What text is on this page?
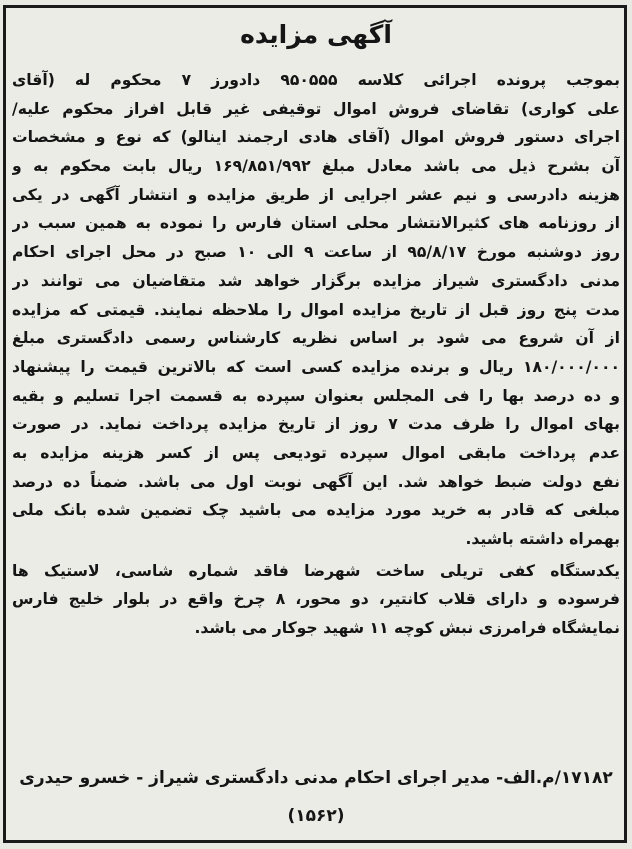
آگهی مزایده
بموجب پرونده اجرائی کلاسه ۹۵۰۵۵۵ دادورز ۷ محکوم له (آقای
علی کواری) تقاضای فروش اموال توقیفی غیر قابل افراز محکوم علیه/
اجرای دستور فروش اموال (آقای هادی ارجمند اینالو) که نوع و مشخصات
آن بشرح ذیل می باشد معادل مبلغ ۱۶۹/۸۵۱/۹۹۲ ریال بابت محکوم به و
هزینه دادرسی و نیم عشر اجرایی از طریق مزایده و انتشار آگهی در یکی
از روزنامه های کثیرالانتشار محلی استان فارس را نموده به همین سبب در
روز دوشنبه مورخ ۹۵/۸/۱۷ از ساعت ۹ الی ۱۰ صبح در محل اجرای احکام
مدنی دادگستری شیراز مزایده برگزار خواهد شد متقاضیان می توانند در
مدت پنج روز قبل از تاریخ مزایده اموال را ملاحظه نمایند. قیمتی که مزایده
از آن شروع می شود بر اساس نظریه کارشناس رسمی دادگستری مبلغ
۱۸۰/۰۰۰/۰۰۰ ریال و برنده مزایده کسی است که بالاترین قیمت را پیشنهاد
و ده درصد بها را فی المجلس بعنوان سپرده به قسمت اجرا تسلیم و بقیه
بهای اموال را ظرف مدت ۷ روز از تاریخ مزایده پرداخت نماید. در صورت
عدم پرداخت مابقی اموال سپرده تودیعی پس از کسر هزینه مزایده به
نفع دولت ضبط خواهد شد. این آگهی نوبت اول می باشد. ضمناً ده درصد
مبلغی که قادر به خرید مورد مزایده می باشید چک تضمین شده بانک ملی
بهمراه داشته باشید.
یکدستگاه کفی تریلی ساخت شهرضا فاقد شماره شاسی، لاستیک ها
فرسوده و دارای قلاب کانتیر، دو محور، ۸ چرخ واقع در بلوار خلیج فارس
نمایشگاه فرامرزی نبش کوچه ۱۱ شهید جوکار می باشد.
۱۷۱۸۲/م.الف- مدیر اجرای احکام مدنی دادگستری شیراز - خسرو حیدری
(۱۵۶۲)
